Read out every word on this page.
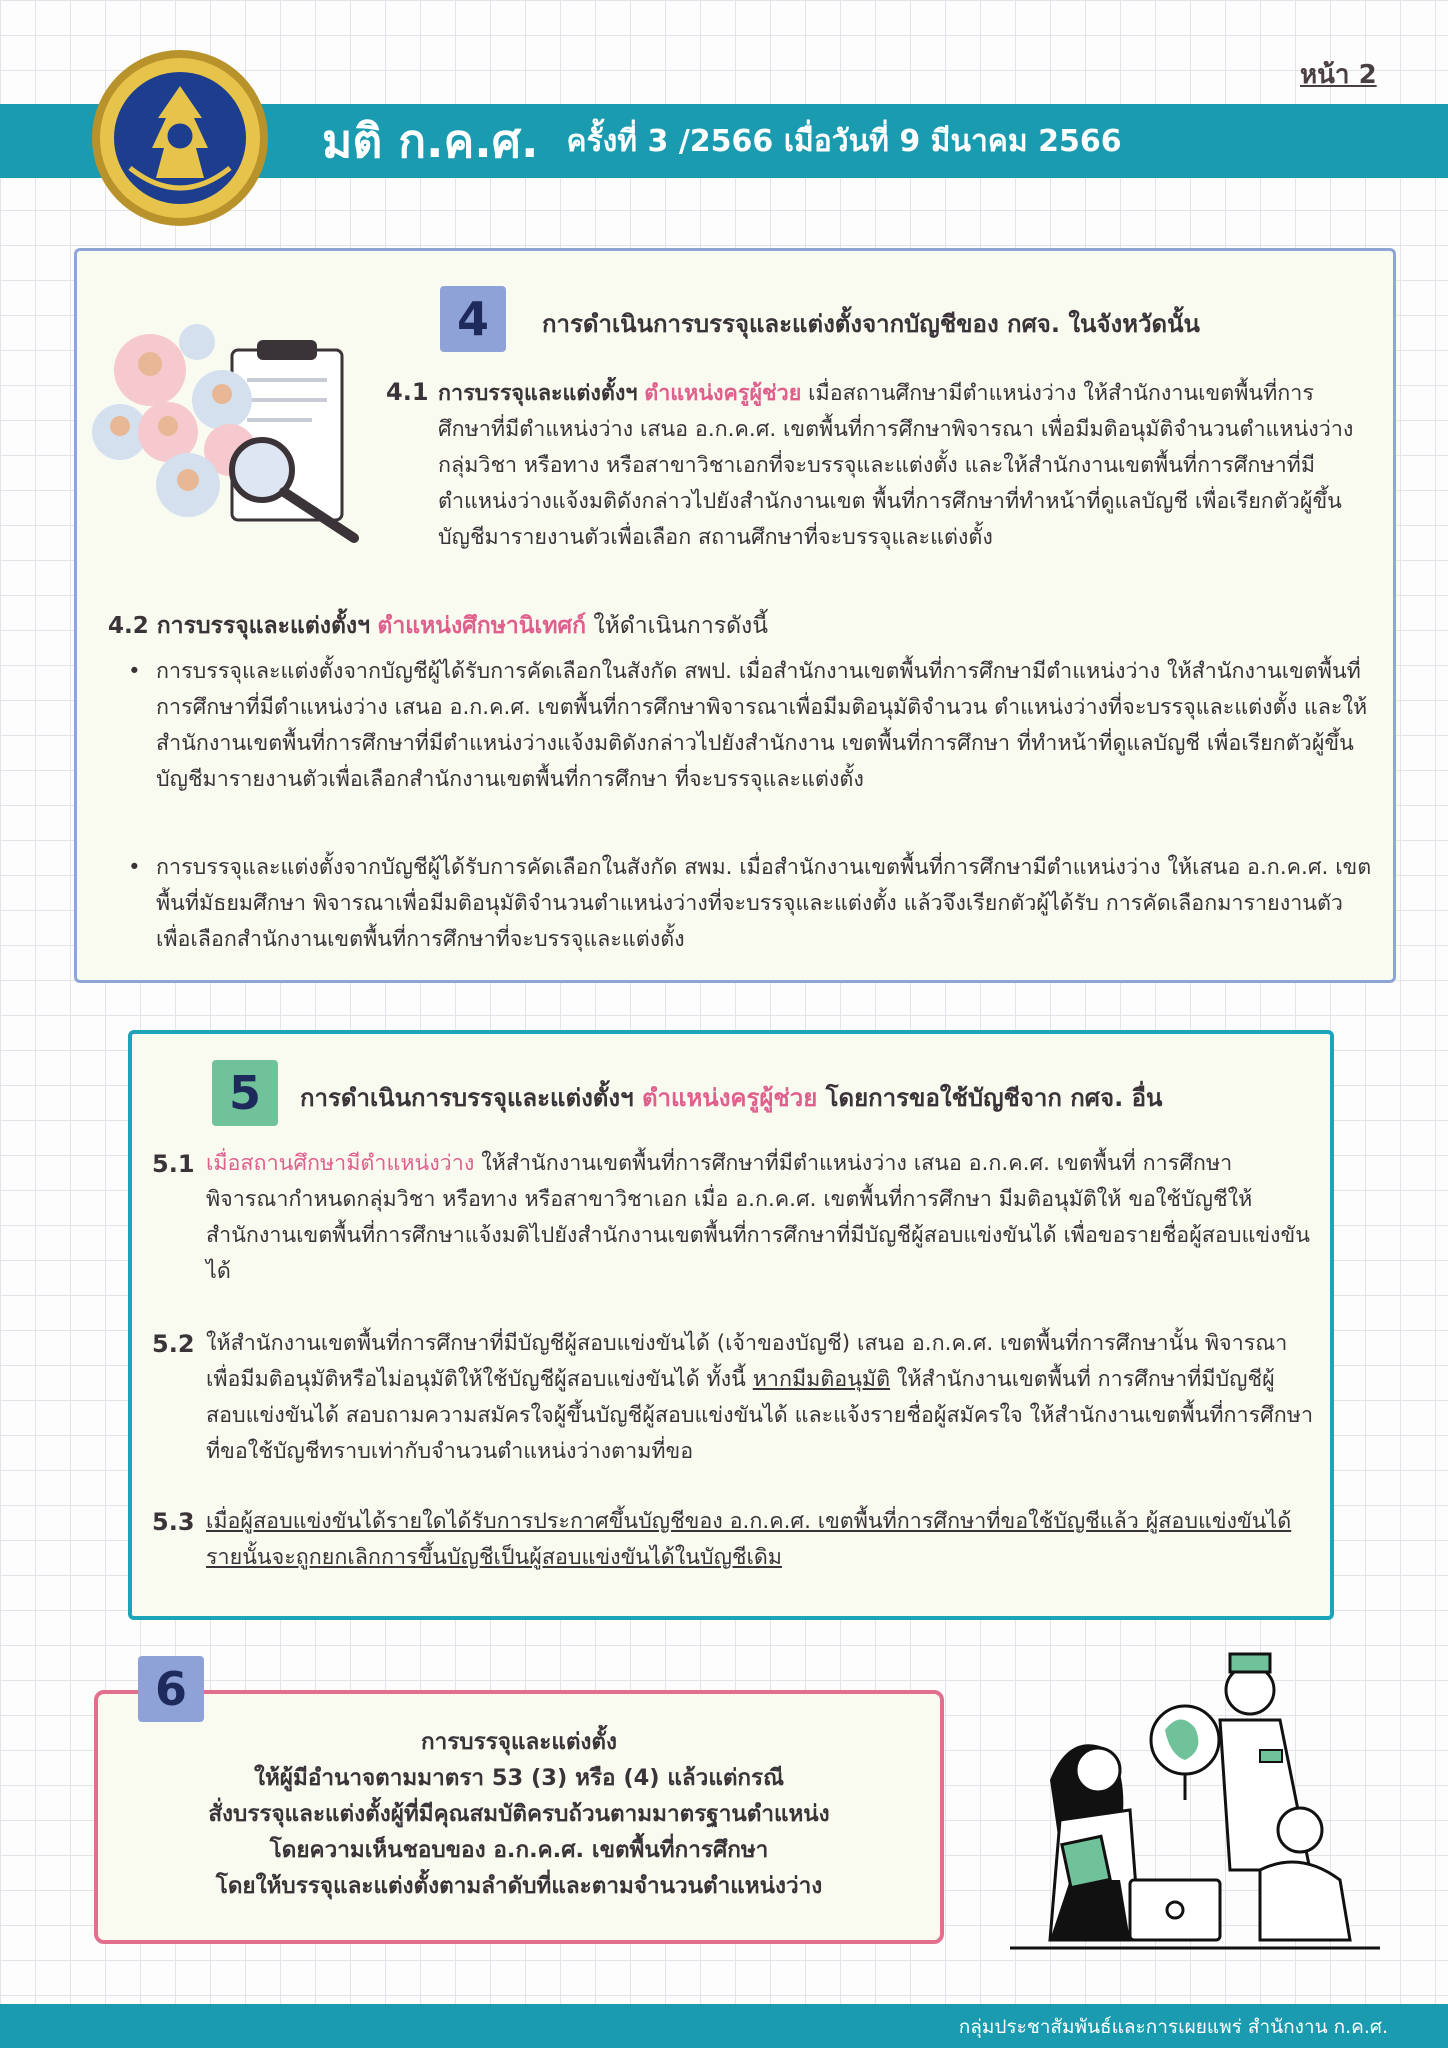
หน้า 2
มติ ก.ค.ศ. ครั้งที่ 3 /2566 เมื่อวันที่ 9 มีนาคม 2566
4	การดำเนินการบรรจุและแต่งตั้งจากบัญชีของ กศจ. ในจังหวัดนั้น
4.1 การบรรจุและแต่งตั้งฯ ตำแหน่งครูผู้ช่วย เมื่อสถานศึกษามีตำแหน่งว่าง ให้สำนักงานเขตพื้นที่การศึกษาที่มีตำแหน่งว่าง เสนอ อ.ก.ค.ศ. เขตพื้นที่การศึกษาพิจารณา เพื่อมีมติอนุมัติจำนวนตำแหน่งว่างกลุ่มวิชา หรือทาง หรือสาขาวิชาเอกที่จะบรรจุและแต่งตั้ง และให้สำนักงานเขตพื้นที่การศึกษาที่มีตำแหน่งว่างแจ้งมติดังกล่าวไปยังสำนักงานเขต พื้นที่การศึกษาที่ทำหน้าที่ดูแลบัญชี เพื่อเรียกตัวผู้ขึ้นบัญชีมารายงานตัวเพื่อเลือก สถานศึกษาที่จะบรรจุและแต่งตั้ง
4.2 การบรรจุและแต่งตั้งฯ ตำแหน่งศึกษานิเทศก์ ให้ดำเนินการดังนี้
• การบรรจุและแต่งตั้งจากบัญชีผู้ได้รับการคัดเลือกในสังกัด สพป. เมื่อสำนักงานเขตพื้นที่การศึกษามีตำแหน่งว่าง ให้สำนักงานเขตพื้นที่การศึกษาที่มีตำแหน่งว่าง เสนอ อ.ก.ค.ศ. เขตพื้นที่การศึกษาพิจารณาเพื่อมีมติอนุมัติจำนวน ตำแหน่งว่างที่จะบรรจุและแต่งตั้ง และให้สำนักงานเขตพื้นที่การศึกษาที่มีตำแหน่งว่างแจ้งมติดังกล่าวไปยังสำนักงาน เขตพื้นที่การศึกษา ที่ทำหน้าที่ดูแลบัญชี เพื่อเรียกตัวผู้ขึ้นบัญชีมารายงานตัวเพื่อเลือกสำนักงานเขตพื้นที่การศึกษา ที่จะบรรจุและแต่งตั้ง
• การบรรจุและแต่งตั้งจากบัญชีผู้ได้รับการคัดเลือกในสังกัด สพม. เมื่อสำนักงานเขตพื้นที่การศึกษามีตำแหน่งว่าง ให้เสนอ อ.ก.ค.ศ. เขตพื้นที่มัธยมศึกษา พิจารณาเพื่อมีมติอนุมัติจำนวนตำแหน่งว่างที่จะบรรจุและแต่งตั้ง แล้วจึงเรียกตัวผู้ได้รับ การคัดเลือกมารายงานตัวเพื่อเลือกสำนักงานเขตพื้นที่การศึกษาที่จะบรรจุและแต่งตั้ง
5	การดำเนินการบรรจุและแต่งตั้งฯ ตำแหน่งครูผู้ช่วย โดยการขอใช้บัญชีจาก กศจ. อื่น
5.1 เมื่อสถานศึกษามีตำแหน่งว่าง ให้สำนักงานเขตพื้นที่การศึกษาที่มีตำแหน่งว่าง เสนอ อ.ก.ค.ศ. เขตพื้นที่ การศึกษา พิจารณากำหนดกลุ่มวิชา หรือทาง หรือสาขาวิชาเอก เมื่อ อ.ก.ค.ศ. เขตพื้นที่การศึกษา มีมติอนุมัติให้ ขอใช้บัญชีให้สำนักงานเขตพื้นที่การศึกษาแจ้งมติไปยังสำนักงานเขตพื้นที่การศึกษาที่มีบัญชีผู้สอบแข่งขันได้ เพื่อขอรายชื่อผู้สอบแข่งขันได้
5.2 ให้สำนักงานเขตพื้นที่การศึกษาที่มีบัญชีผู้สอบแข่งขันได้ (เจ้าของบัญชี) เสนอ อ.ก.ค.ศ. เขตพื้นที่การศึกษานั้น พิจารณาเพื่อมีมติอนุมัติหรือไม่อนุมัติให้ใช้บัญชีผู้สอบแข่งขันได้ ทั้งนี้ หากมีมติอนุมัติ ให้สำนักงานเขตพื้นที่ การศึกษาที่มีบัญชีผู้สอบแข่งขันได้ สอบถามความสมัครใจผู้ขึ้นบัญชีผู้สอบแข่งขันได้ และแจ้งรายชื่อผู้สมัครใจ ให้สำนักงานเขตพื้นที่การศึกษาที่ขอใช้บัญชีทราบเท่ากับจำนวนตำแหน่งว่างตามที่ขอ
5.3 เมื่อผู้สอบแข่งขันได้รายใดได้รับการประกาศขึ้นบัญชีของ อ.ก.ค.ศ. เขตพื้นที่การศึกษาที่ขอใช้บัญชีแล้ว ผู้สอบแข่งขันได้รายนั้นจะถูกยกเลิกการขึ้นบัญชีเป็นผู้สอบแข่งขันได้ในบัญชีเดิม
6
การบรรจุและแต่งตั้ง
ให้ผู้มีอำนาจตามมาตรา 53 (3) หรือ (4) แล้วแต่กรณี
สั่งบรรจุและแต่งตั้งผู้ที่มีคุณสมบัติครบถ้วนตามมาตรฐานตำแหน่ง
โดยความเห็นชอบของ อ.ก.ค.ศ. เขตพื้นที่การศึกษา
โดยให้บรรจุและแต่งตั้งตามลำดับที่และตามจำนวนตำแหน่งว่าง
กลุ่มประชาสัมพันธ์และการเผยแพร่ สำนักงาน ก.ค.ศ.
